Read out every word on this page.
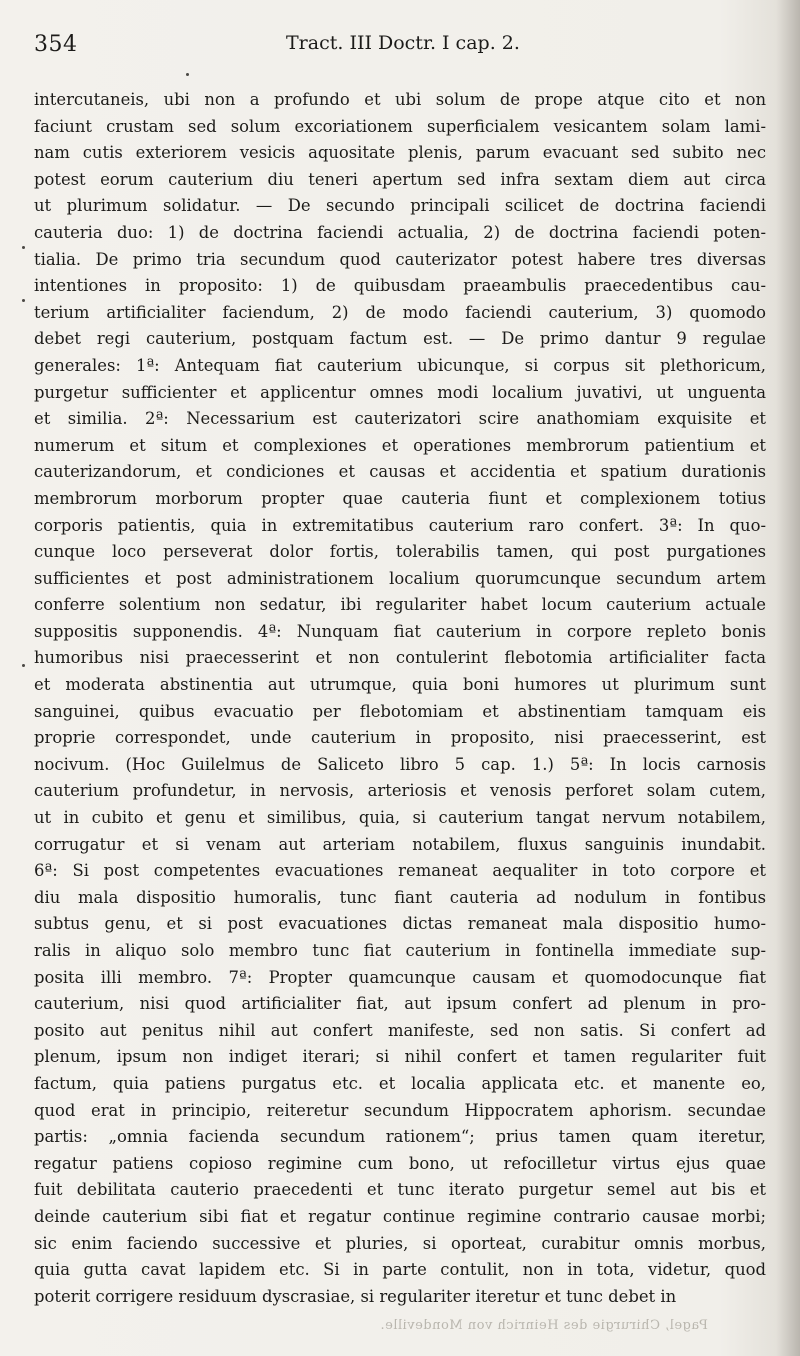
354	Tract. III Doctr. I cap. 2.
intercutaneis, ubi non a profundo et ubi solum de prope atque cito et non
faciunt crustam sed solum excoriationem superficialem vesicantem solam lami-
nam cutis exteriorem vesicis aquositate plenis, parum evacuant sed subito nec
potest eorum cauterium diu teneri apertum sed infra sextam diem aut circa
ut plurimum solidatur. — De secundo principali scilicet de doctrina faciendi
cauteria duo: 1) de doctrina faciendi actualia, 2) de doctrina faciendi poten-
tialia. De primo tria secundum quod cauterizator potest habere tres diversas
intentiones in proposito: 1) de quibusdam praeambulis praecedentibus cau-
terium artificialiter faciendum, 2) de modo faciendi cauterium, 3) quomodo
debet regi cauterium, postquam factum est. — De primo dantur 9 regulae
generales: 1ª: Antequam fiat cauterium ubicunque, si corpus sit plethoricum,
purgetur sufficienter et applicentur omnes modi localium juvativi, ut unguenta
et similia. 2ª: Necessarium est cauterizatori scire anathomiam exquisite et
numerum et situm et complexiones et operationes membrorum patientium et
cauterizandorum, et condiciones et causas et accidentia et spatium durationis
membrorum morborum propter quae cauteria fiunt et complexionem totius
corporis patientis, quia in extremitatibus cauterium raro confert. 3ª: In quo-
cunque loco perseverat dolor fortis, tolerabilis tamen, qui post purgationes
sufficientes et post administrationem localium quorumcunque secundum artem
conferre solentium non sedatur, ibi regulariter habet locum cauterium actuale
suppositis supponendis. 4ª: Nunquam fiat cauterium in corpore repleto bonis
humoribus nisi praecesserint et non contulerint flebotomia artificialiter facta
et moderata abstinentia aut utrumque, quia boni humores ut plurimum sunt
sanguinei, quibus evacuatio per flebotomiam et abstinentiam tamquam eis
proprie correspondet, unde cauterium in proposito, nisi praecesserint, est
nocivum. (Hoc Guilelmus de Saliceto libro 5 cap. 1.) 5ª: In locis carnosis
cauterium profundetur, in nervosis, arteriosis et venosis perforet solam cutem,
ut in cubito et genu et similibus, quia, si cauterium tangat nervum notabilem,
corrugatur et si venam aut arteriam notabilem, fluxus sanguinis inundabit.
6ª: Si post competentes evacuationes remaneat aequaliter in toto corpore et
diu mala dispositio humoralis, tunc fiant cauteria ad nodulum in fontibus
subtus genu, et si post evacuationes dictas remaneat mala dispositio humo-
ralis in aliquo solo membro tunc fiat cauterium in fontinella immediate sup-
posita illi membro. 7ª: Propter quamcunque causam et quomodocunque fiat
cauterium, nisi quod artificialiter fiat, aut ipsum confert ad plenum in pro-
posito aut penitus nihil aut confert manifeste, sed non satis. Si confert ad
plenum, ipsum non indiget iterari; si nihil confert et tamen regulariter fuit
factum, quia patiens purgatus etc. et localia applicata etc. et manente eo,
quod erat in principio, reiteretur secundum Hippocratem aphorism. secundae
partis: „omnia facienda secundum rationem“; prius tamen quam iteretur,
regatur patiens copioso regimine cum bono, ut refocilletur virtus ejus quae
fuit debilitata cauterio praecedenti et tunc iterato purgetur semel aut bis et
deinde cauterium sibi fiat et regatur continue regimine contrario causae morbi;
sic enim faciendo successive et pluries, si oporteat, curabitur omnis morbus,
quia gutta cavat lapidem etc. Si in parte contulit, non in tota, videtur, quod
poterit corrigere residuum dyscrasiae, si regulariter iteretur et tunc debet in
Pagel, Chirurgie des Heinrich von Mondeville.
